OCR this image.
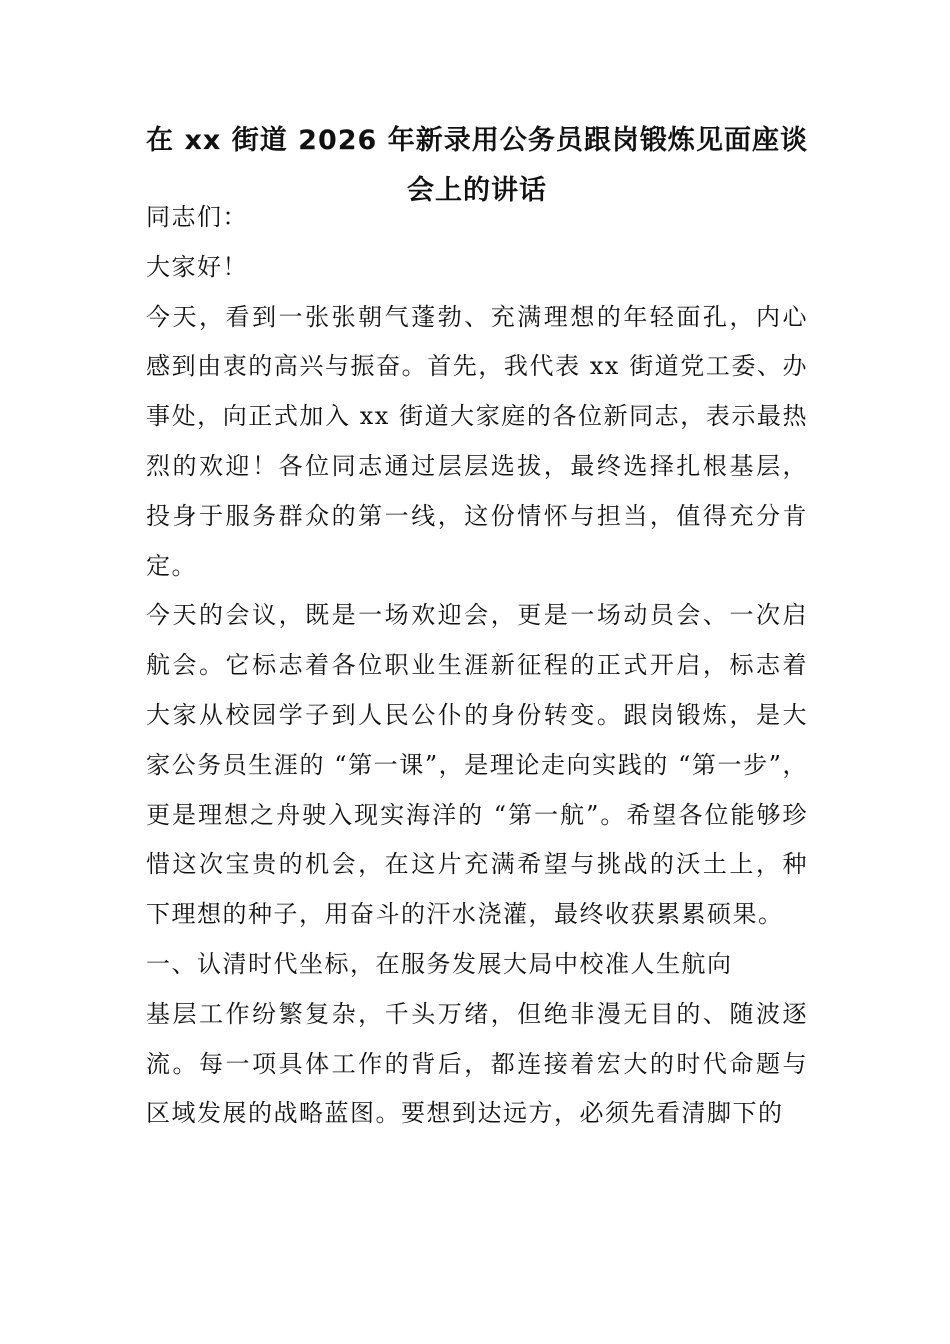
在 xx 街道 2026 年新录用公务员跟岗锻炼见面座谈会上的讲话

同志们：

大家好！

今天，看到一张张朝气蓬勃、充满理想的年轻面孔，内心感到由衷的高兴与振奋。首先，我代表 xx 街道党工委、办事处，向正式加入 xx 街道大家庭的各位新同志，表示最热烈的欢迎！各位同志通过层层选拔，最终选择扎根基层，投身于服务群众的第一线，这份情怀与担当，值得充分肯定。

今天的会议，既是一场欢迎会，更是一场动员会、一次启航会。它标志着各位职业生涯新征程的正式开启，标志着大家从校园学子到人民公仆的身份转变。跟岗锻炼，是大家公务员生涯的 “第一课”，是理论走向实践的 “第一步”，更是理想之舟驶入现实海洋的 “第一航”。希望各位能够珍惜这次宝贵的机会，在这片充满希望与挑战的沃土上，种下理想的种子，用奋斗的汗水浇灌，最终收获累累硕果。

一、认清时代坐标，在服务发展大局中校准人生航向

基层工作纷繁复杂，千头万绪，但绝非漫无目的、随波逐流。每一项具体工作的背后，都连接着宏大的时代命题与区域发展的战略蓝图。要想到达远方，必须先看清脚下的
